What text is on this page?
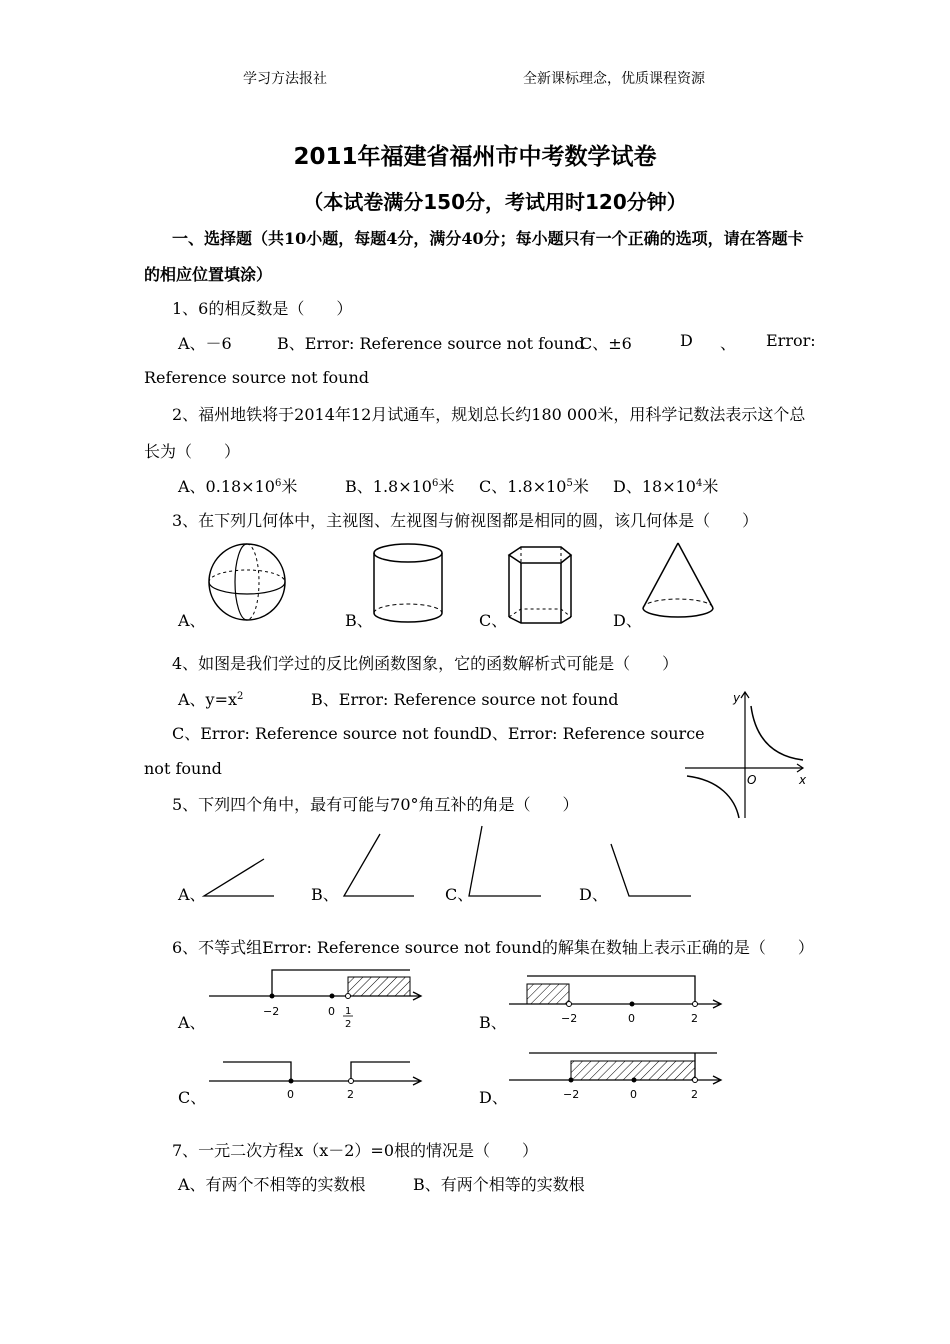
学习方法报社	全新课标理念，优质课程资源
2011年福建省福州市中考数学试卷
（本试卷满分150分，考试用时120分钟）
一、选择题（共10小题，每题4分，满分40分；每小题只有一个正确的选项，请在答题卡
的相应位置填涂）
1、6的相反数是（　　）
A、－6	B、Error: Reference source not found
C、±6	D 、 Error:
Reference source not found
2、福州地铁将于2014年12月试通车，规划总长约180 000米，用科学记数法表示这个总
长为（　　）
A、$0.18\times 10^6$米	B、$1.8\times 10^6$米 C、$1.8\times 10^5$米 D、$18\times 10^4$米
3、在下列几何体中，主视图、左视图与俯视图都是相同的圆，该几何体是（　　）
A、	B、	C、	D、
4、如图是我们学过的反比例函数图象，它的函数解析式可能是（　　）
A、$y=x^2$	B、Error: Reference source not found
C、Error: Reference source not found D、Error: Reference source
not found
y
x
O
5、下列四个角中，最有可能与70°角互补的角是（　　）
A、	B、	C、	D、
6、不等式组Error: Reference source not found的解集在数轴上表示正确的是（　　）
A、	B、
C、	D、
−2	0 1
2	−2	0	2
0	2	−2	0	2
7、一元二次方程x（x－2）=0根的情况是（　　）
A、有两个不相等的实数根	B、有两个相等的实数根
